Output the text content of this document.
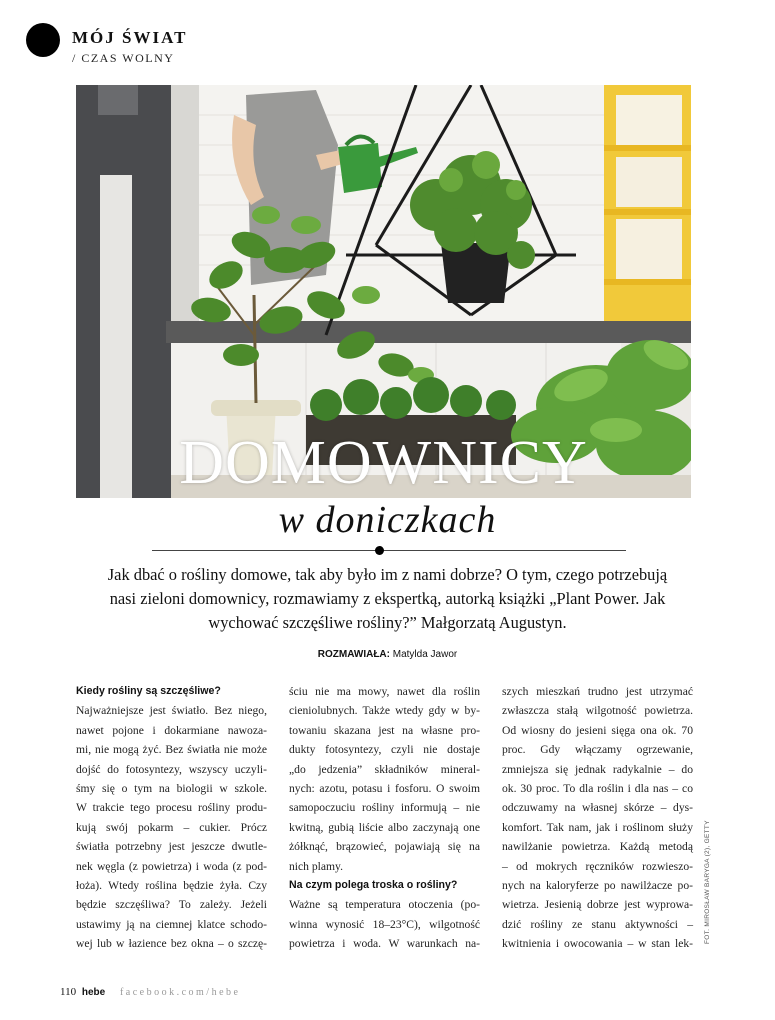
MÓJ ŚWIAT
/ CZAS WOLNY
DOMOWNICY
w doniczkach
Jak dbać o rośliny domowe, tak aby było im z nami dobrze? O tym, czego potrzebują nasi zieloni domownicy, rozmawiamy z ekspertką, autorką książki „Plant Power. Jak wychować szczęśliwe rośliny?” Małgorzatą Augustyn.
ROZMAWIAŁA: Matylda Jawor

Kiedy rośliny są szczęśliwe?

Najważniejsze jest światło. Bez niego,

nawet pojone i dokarmiane nawoza-

mi, nie mogą żyć. Bez światła nie może

dojść do fotosyntezy, wszyscy uczyli-

śmy się o tym na biologii w szkole.

W trakcie tego procesu rośliny produ-

kują swój pokarm – cukier. Prócz

światła potrzebny jest jeszcze dwutle-

nek węgla (z powietrza) i woda (z pod-

łoża). Wtedy roślina będzie żyła. Czy

będzie szczęśliwa? To zależy. Jeżeli

ustawimy ją na ciemnej klatce schodo-

wej lub w łazience bez okna – o szczę-

ściu nie ma mowy, nawet dla roślin

cieniolubnych. Także wtedy gdy w by-

towaniu skazana jest na własne pro-

dukty fotosyntezy, czyli nie dostaje

„do jedzenia” składników mineral-

nych: azotu, potasu i fosforu. O swoim

samopoczuciu rośliny informują – nie

kwitną, gubią liście albo zaczynają one

żółknąć, brązowieć, pojawiają się na

nich plamy.

Na czym polega troska o rośliny?

Ważne są temperatura otoczenia (po-

winna wynosić 18–23°C), wilgotność

powietrza i woda. W warunkach na-

szych mieszkań trudno jest utrzymać

zwłaszcza stałą wilgotność powietrza.

Od wiosny do jesieni sięga ona ok. 70

proc. Gdy włączamy ogrzewanie,

zmniejsza się jednak radykalnie – do

ok. 30 proc. To dla roślin i dla nas – co

odczuwamy na własnej skórze – dys-

komfort. Tak nam, jak i roślinom służy

nawilżanie powietrza. Każdą metodą

– od mokrych ręczników rozwieszo-

nych na kaloryferze po nawilżacze po-

wietrza. Jesienią dobrze jest wyprowa-

dzić rośliny ze stanu aktywności –

kwitnienia i owocowania – w stan lek- FOT. MIROSŁAW BARYGA (2), GETTY
110 hebe facebook.com/hebe
